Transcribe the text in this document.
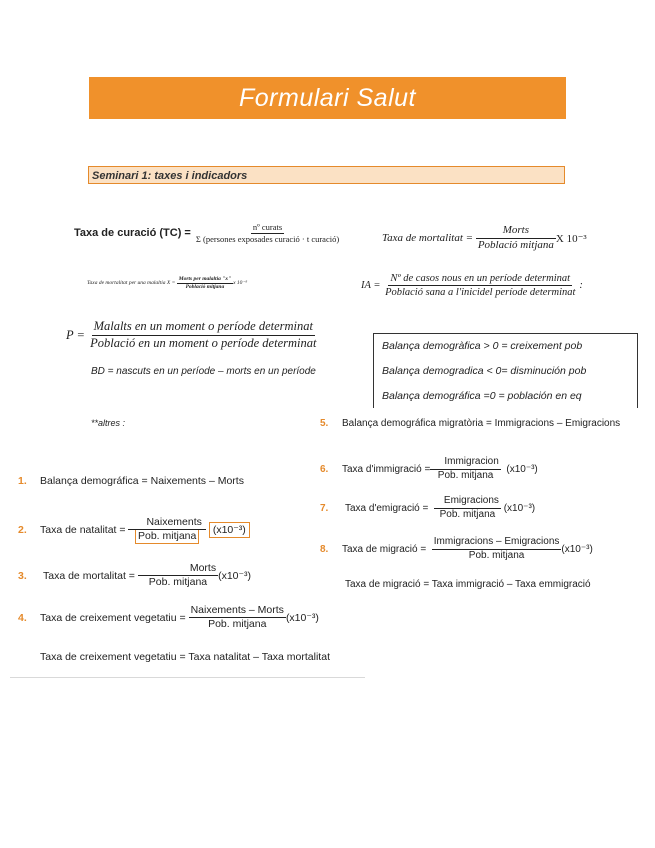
Formulari Salut
Seminari 1: taxes i indicadors
Taxa de curació (TC) =
$\frac{\text{nº curats}}{\text{Σ (persones exposades curació · t curació)}}$	Taxa de mortalitat =
$\frac{\text{Morts}}{\text{Població mitjana}}$ X 10⁻³
Taxa de mortalitat per una malaltia X =
$\frac{\text{Morts per malaltia "x"}}{\text{Població mitjana}}$ x 10⁻⁵	IA =
$\frac{\text{Nº de casos nous en un període determinat}}{\text{Població sana a l'inicidel període determinat}}$ :
P =
$\frac{\text{Malalts en un moment o període determinat}}{\text{Població en un moment o període determinat}}$
BD = nascuts en un període – morts en un període
Balança demogràfica > 0 = creixement pob
Balança demogradica < 0= disminución pob
Balança demográfica =0 = población en eq
**altres :
1.	Balança demográfica = Naixements – Morts
2.	Taxa de natalitat =
$\frac{\text{Naixements}}{\text{Pob. mitjana}}$
(x10⁻³)
3.	Taxa de mortalitat =
$\frac{\text{Morts}}{\text{Pob. mitjana}} (x10^{-3})$
4.	Taxa de creixement vegetatiu =
$\frac{\text{Naixements – Morts}}{\text{Pob. mitjana}} (x10^{-3})$
Taxa de creixement vegetatiu = Taxa natalitat – Taxa mortalitat
5.	Balança demográfica migratòria = Immigracions – Emigracions
6.	Taxa d'immigració = $\frac{\text{Immigracion}}{\text{Pob. mitjana}}$
(x10⁻³)
7.	Taxa d'emigració =
$\frac{\text{Emigracions}}{\text{Pob. mitjana}}$
(x10⁻³)
8.	Taxa de migració =
$\frac{\text{Immigracions – Emigracions}}{\text{Pob. mitjana}} (x10^{-3})$
Taxa de migració = Taxa immigració – Taxa emmigració
